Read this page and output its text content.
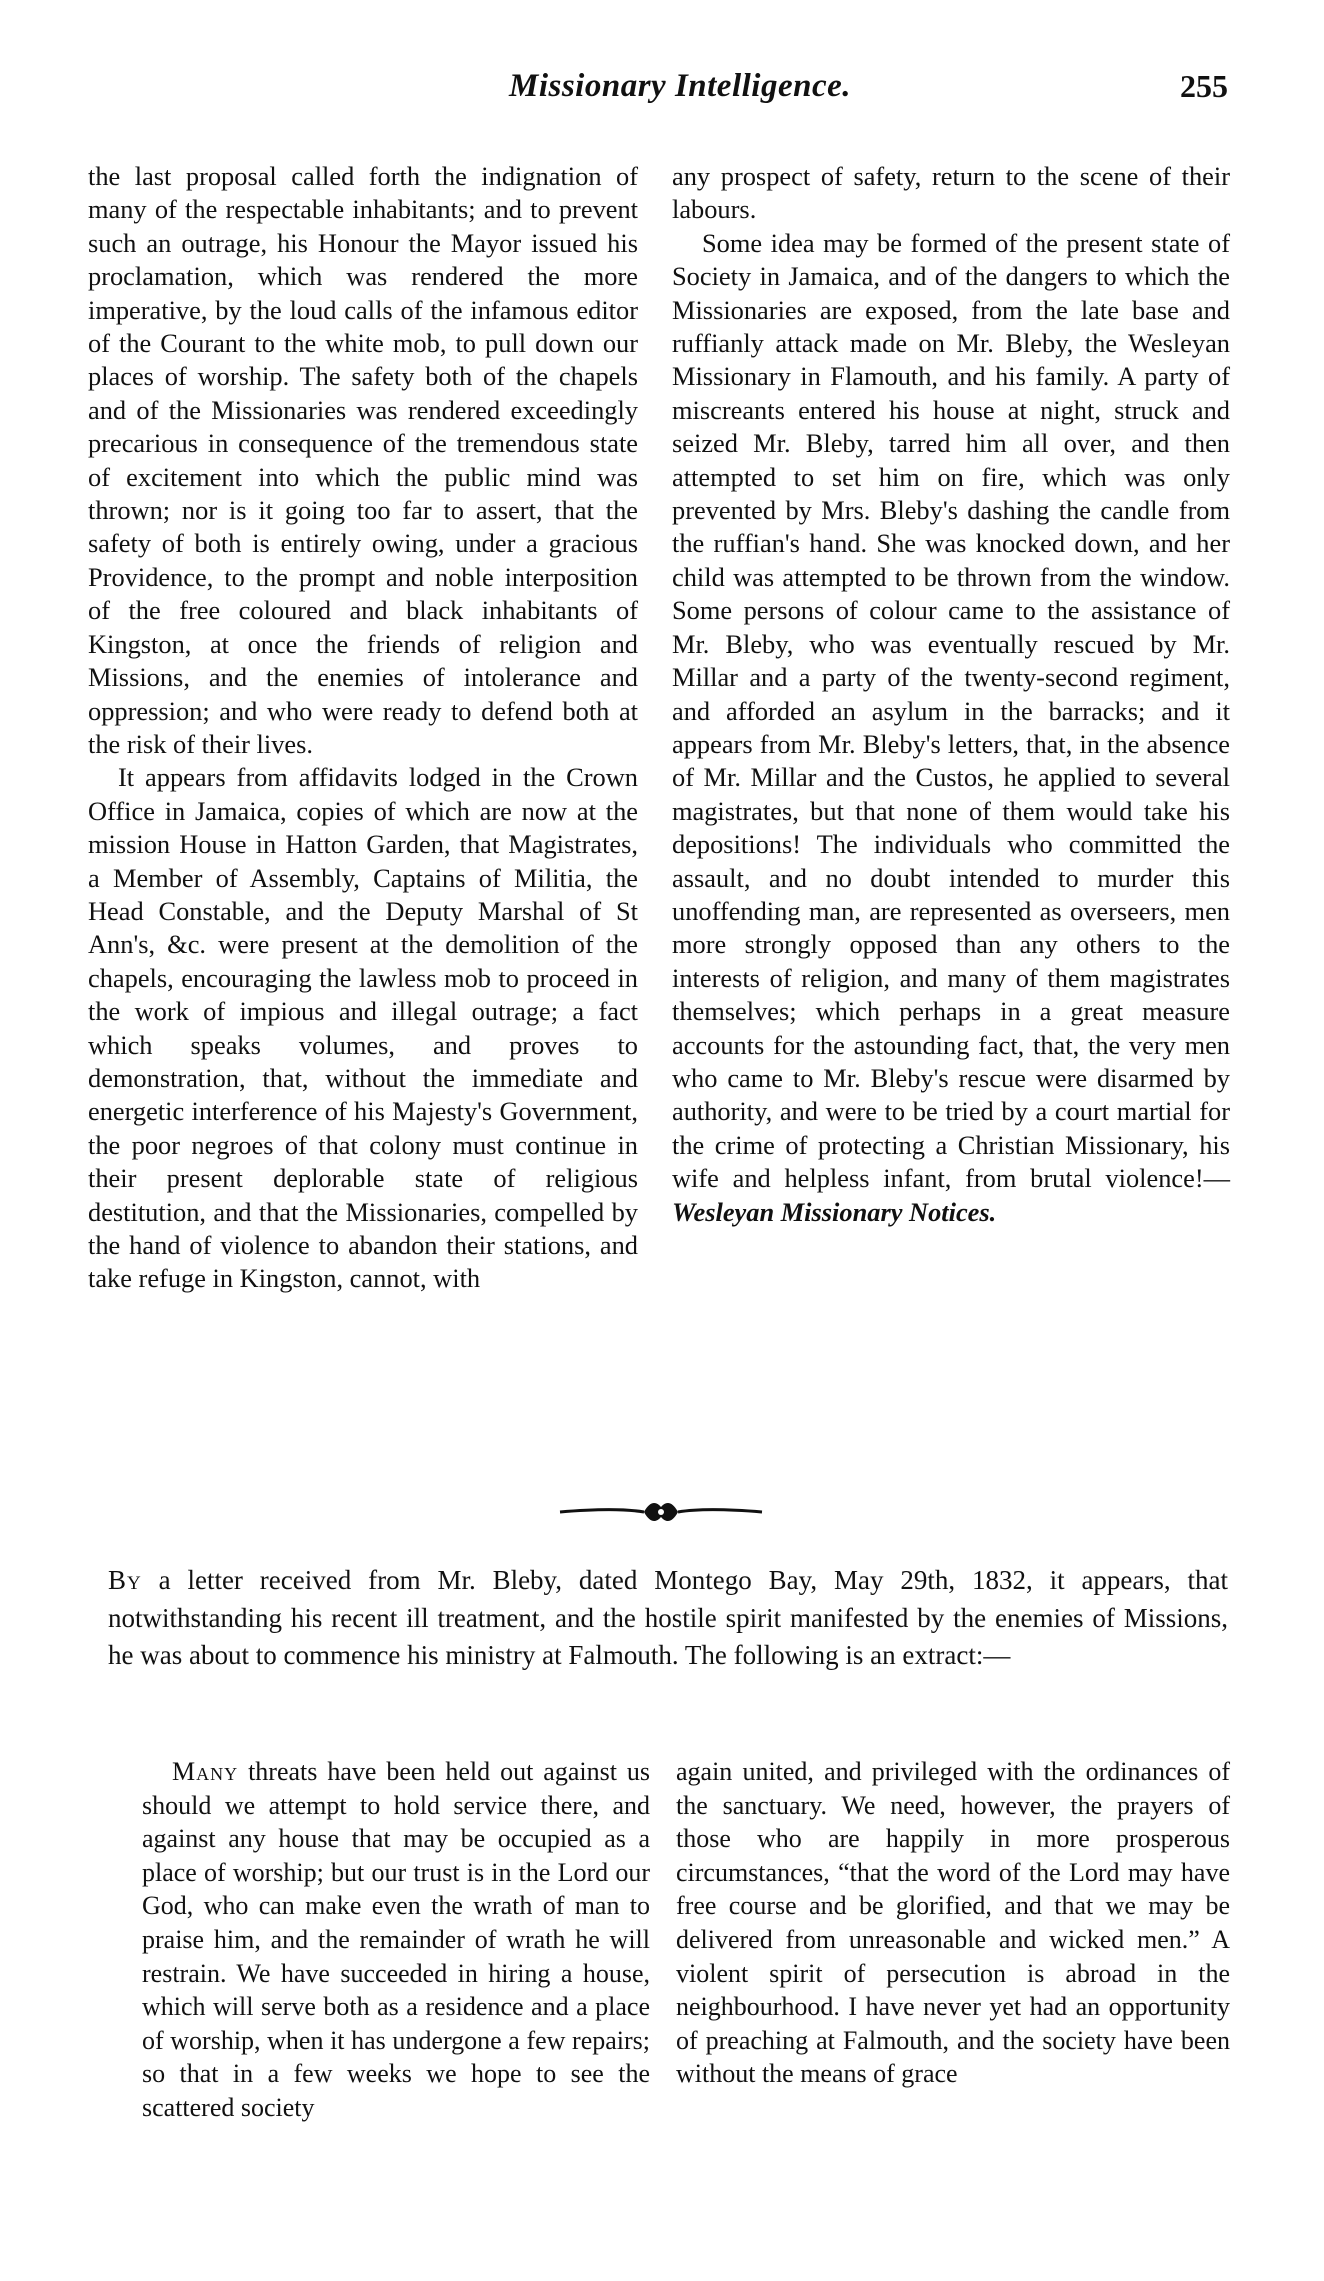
Missionary Intelligence.	255

the last proposal called forth the indignation of many of the respectable inhabitants; and to prevent such an outrage, his Honour the Mayor issued his proclamation, which was rendered the more imperative, by the loud calls of the infamous editor of the Courant to the white mob, to pull down our places of worship. The safety both of the chapels and of the Missionaries was rendered exceedingly precarious in consequence of the tremendous state of excitement into which the public mind was thrown; nor is it going too far to assert, that the safety of both is entirely owing, under a gracious Providence, to the prompt and noble interposition of the free coloured and black inhabitants of Kingston, at once the friends of religion and Missions, and the enemies of intolerance and oppression; and who were ready to defend both at the risk of their lives.

It appears from affidavits lodged in the Crown Office in Jamaica, copies of which are now at the mission House in Hatton Garden, that Magistrates, a Member of Assembly, Captains of Militia, the Head Constable, and the Deputy Marshal of St Ann's, &c. were present at the demolition of the chapels, encouraging the lawless mob to proceed in the work of impious and illegal outrage; a fact which speaks volumes, and proves to demonstration, that, without the immediate and energetic interference of his Majesty's Government, the poor negroes of that colony must continue in their present deplorable state of religious destitution, and that the Missionaries, compelled by the hand of violence to abandon their stations, and take refuge in Kingston, cannot, with

any prospect of safety, return to the scene of their labours.

Some idea may be formed of the present state of Society in Jamaica, and of the dangers to which the Missionaries are exposed, from the late base and ruffianly attack made on Mr. Bleby, the Wesleyan Missionary in Flamouth, and his family. A party of miscreants entered his house at night, struck and seized Mr. Bleby, tarred him all over, and then attempted to set him on fire, which was only prevented by Mrs. Bleby's dashing the candle from the ruffian's hand. She was knocked down, and her child was attempted to be thrown from the window. Some persons of colour came to the assistance of Mr. Bleby, who was eventually rescued by Mr. Millar and a party of the twenty-second regiment, and afforded an asylum in the barracks; and it appears from Mr. Bleby's letters, that, in the absence of Mr. Millar and the Custos, he applied to several magistrates, but that none of them would take his depositions! The individuals who committed the assault, and no doubt intended to murder this unoffending man, are represented as overseers, men more strongly opposed than any others to the interests of religion, and many of them magistrates themselves; which perhaps in a great measure accounts for the astounding fact, that, the very men who came to Mr. Bleby's rescue were disarmed by authority, and were to be tried by a court martial for the crime of protecting a Christian Missionary, his wife and helpless infant, from brutal violence!—Wesleyan Missionary Notices.

By a letter received from Mr. Bleby, dated Montego Bay, May 29th, 1832, it appears, that notwithstanding his recent ill treatment, and the hostile spirit manifested by the enemies of Missions, he was about to commence his ministry at Falmouth. The following is an extract:—

Many threats have been held out against us should we attempt to hold service there, and against any house that may be occupied as a place of worship; but our trust is in the Lord our God, who can make even the wrath of man to praise him, and the remainder of wrath he will restrain. We have succeeded in hiring a house, which will serve both as a residence and a place of worship, when it has undergone a few repairs; so that in a few weeks we hope to see the scattered society

again united, and privileged with the ordinances of the sanctuary. We need, however, the prayers of those who are happily in more prosperous circumstances, “that the word of the Lord may have free course and be glorified, and that we may be delivered from unreasonable and wicked men.” A violent spirit of persecution is abroad in the neighbourhood. I have never yet had an opportunity of preaching at Falmouth, and the society have been without the means of grace
